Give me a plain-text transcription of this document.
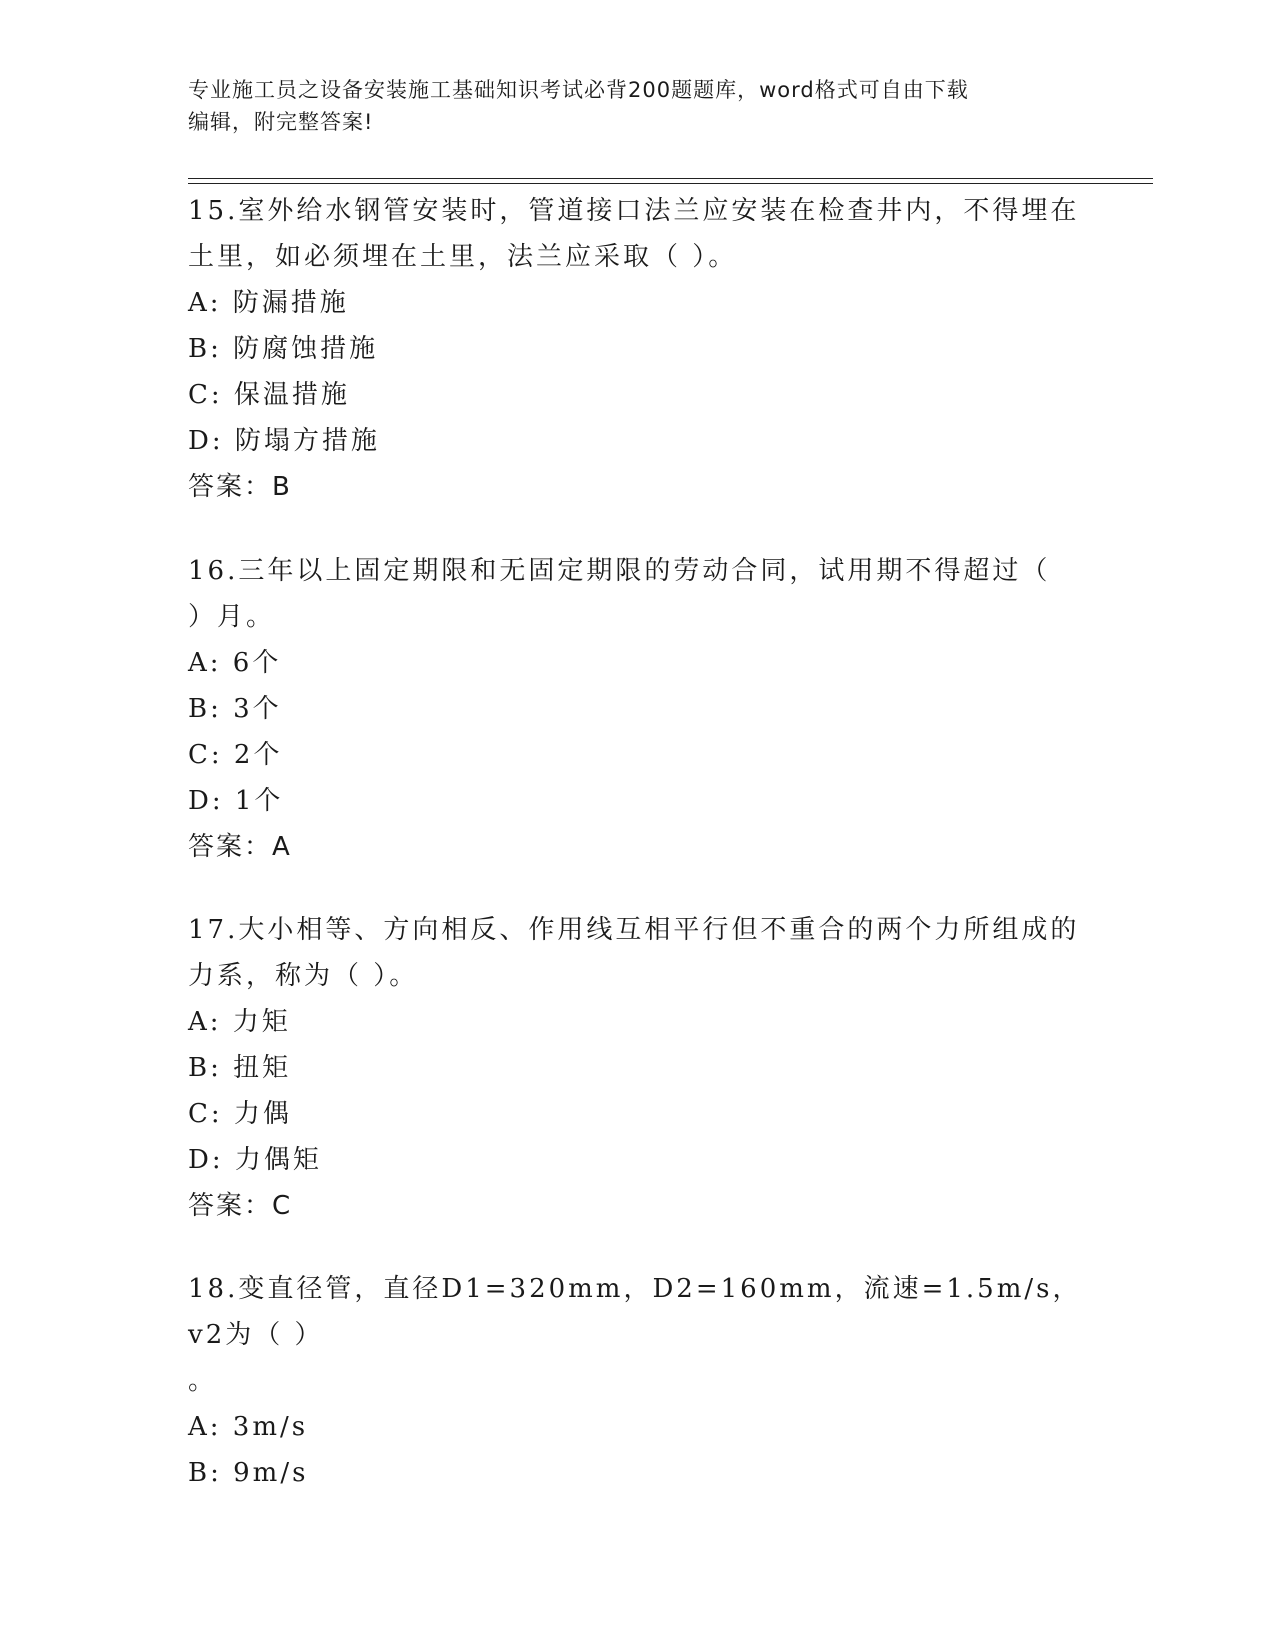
专业施工员之设备安装施工基础知识考试必背200题题库，word格式可自由下载
编辑，附完整答案!

15.室外给水钢管安装时，管道接口法兰应安装在检查井内，不得埋在

土里，如必须埋在土里，法兰应采取（ ）。

A: 防漏措施

B: 防腐蚀措施

C: 保温措施

D: 防塌方措施

答案：B

16.三年以上固定期限和无固定期限的劳动合同，试用期不得超过（

）月。

A: 6个

B: 3个

C: 2个

D: 1个

答案：A

17.大小相等、方向相反、作用线互相平行但不重合的两个力所组成的

力系，称为（ ）。

A: 力矩

B: 扭矩

C: 力偶

D: 力偶矩

答案：C

18.变直径管，直径D1=320mm，D2=160mm，流速=1.5m/s，v2为（ ）

。

A: 3m/s

B: 9m/s
